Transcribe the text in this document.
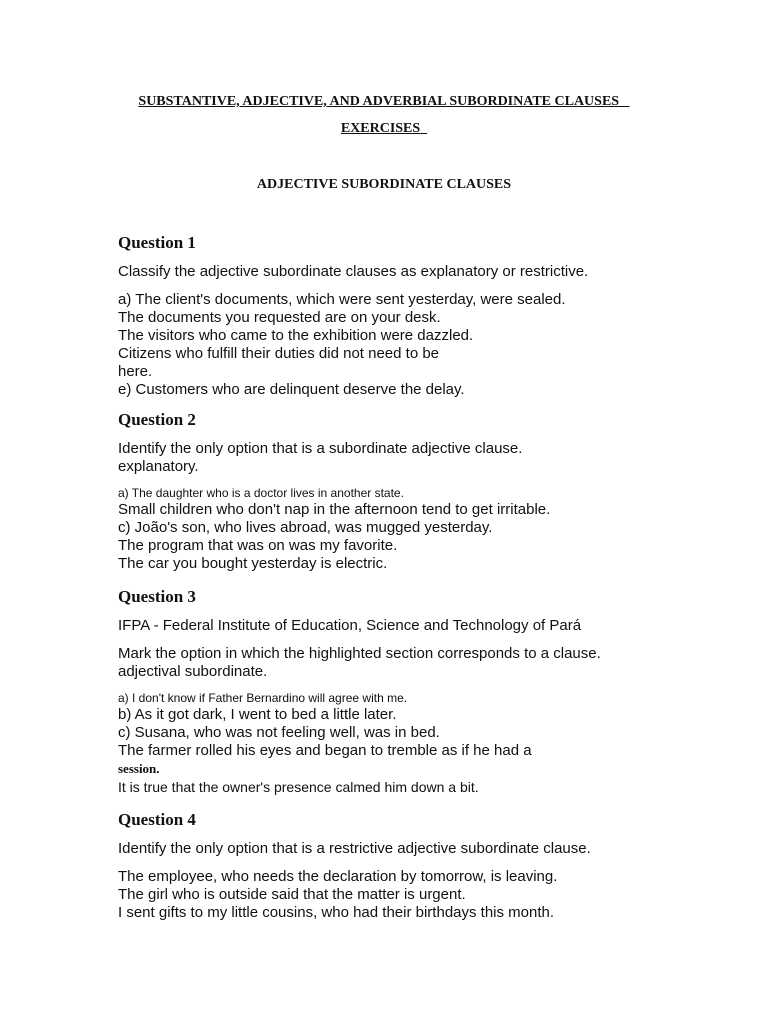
SUBSTANTIVE, ADJECTIVE, AND ADVERBIAL SUBORDINATE CLAUSES
EXERCISES
ADJECTIVE SUBORDINATE CLAUSES

Question 1

Classify the adjective subordinate clauses as explanatory or restrictive.

a) The client's documents, which were sent yesterday, were sealed.

The documents you requested are on your desk.

The visitors who came to the exhibition were dazzled.

Citizens who fulfill their duties did not need to be

here.

e) Customers who are delinquent deserve the delay.

Question 2

Identify the only option that is a subordinate adjective clause.

explanatory.

a) The daughter who is a doctor lives in another state.

Small children who don't nap in the afternoon tend to get irritable.

c) João's son, who lives abroad, was mugged yesterday.

The program that was on was my favorite.

The car you bought yesterday is electric.

Question 3

IFPA - Federal Institute of Education, Science and Technology of Pará

Mark the option in which the highlighted section corresponds to a clause.

adjectival subordinate.

a) I don't know if Father Bernardino will agree with me.

b) As it got dark, I went to bed a little later.

c) Susana, who was not feeling well, was in bed.

The farmer rolled his eyes and began to tremble as if he had a

session.

It is true that the owner's presence calmed him down a bit.

Question 4

Identify the only option that is a restrictive adjective subordinate clause.

The employee, who needs the declaration by tomorrow, is leaving.

The girl who is outside said that the matter is urgent.

I sent gifts to my little cousins, who had their birthdays this month.
